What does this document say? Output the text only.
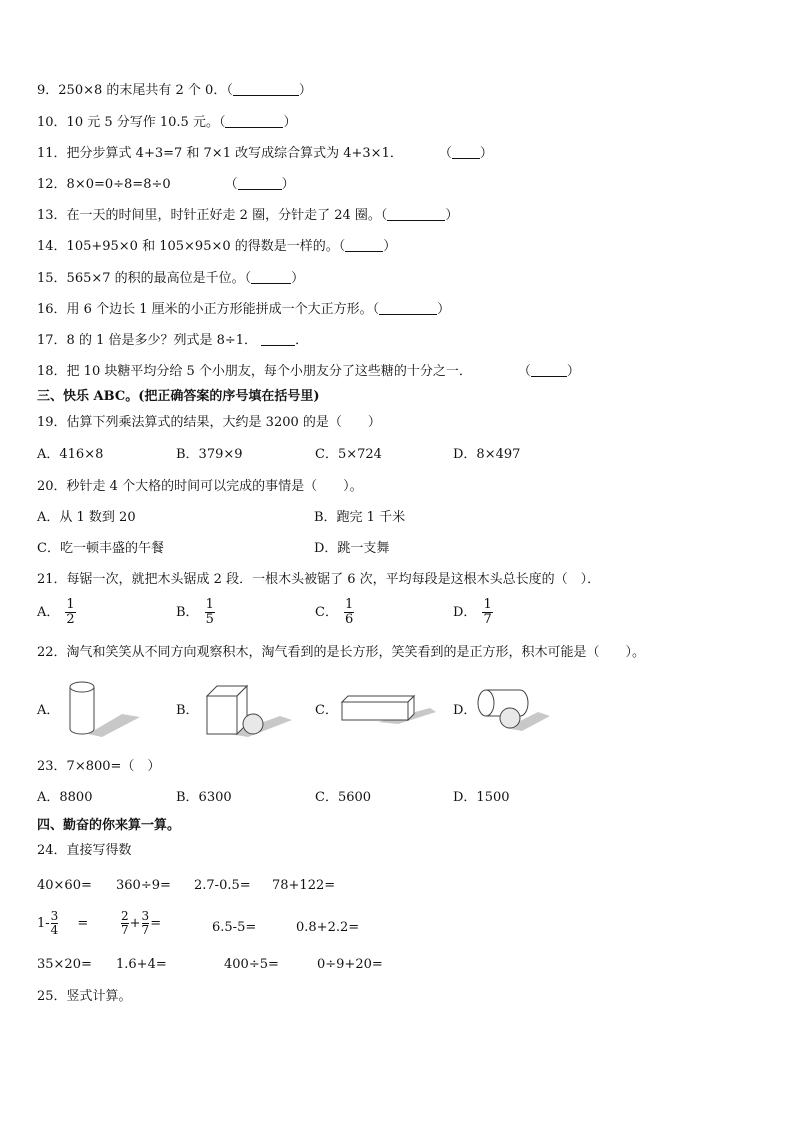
9．250×8 的末尾共有 2 个 0．（	）
10．10 元 5 分写作 10.5 元。（	）
11．把分步算式 4+3=7 和 7×1 改写成综合算式为 4+3×1．	（ ）
12．8×0=0÷8=8÷0	（	）
13．在一天的时间里，时针正好走 2 圈，分针走了 24 圈。（	）
14．105+95×0 和 105×95×0 的得数是一样的。（	）
15．565×7 的积的最高位是千位。（	）
16．用 6 个边长 1 厘米的小正方形能拼成一个大正方形。（	）
17．8 的 1 倍是多少？列式是 8÷1．	．
18．把 10 块糖平均分给 5 个小朋友，每个小朋友分了这些糖的十分之一．	（	）
三、快乐 ABC。(把正确答案的序号填在括号里)
19．估算下列乘法算式的结果，大约是 3200 的是（　　）
A．416×8	B．379×9	C．5×724	D．8×497
20．秒针走 4 个大格的时间可以完成的事情是（　　）。
A．从 1 数到 20	B．跑完 1 千米
C．吃一顿丰盛的午餐	D．跳一支舞
21．每锯一次，就把木头锯成 2 段．一根木头被锯了 6 次，平均每段是这根木头总长度的（　）．
A． $\frac{1}{2}$	B． $\frac{1}{5}$	C． $\frac{1}{6}$	D． $\frac{1}{7}$
22．淘气和笑笑从不同方向观察积木，淘气看到的是长方形，笑笑看到的是正方形，积木可能是（　　）。
A．	B．	C．	D．
23．7×800=（　）
A．8800	B．6300	C．5600	D．1500
四、勤奋的你来算一算。
24．直接写得数
40×60= 360÷9= 2.7-0.5= 78+122=
$1- \frac{3}{4}$ =	$\frac{2}{7} + \frac{3}{7}$ =	6.5-5=	0.8+2.2=
35×20= 1.6+4=	400÷5=	0÷9+20=
25．竖式计算。
